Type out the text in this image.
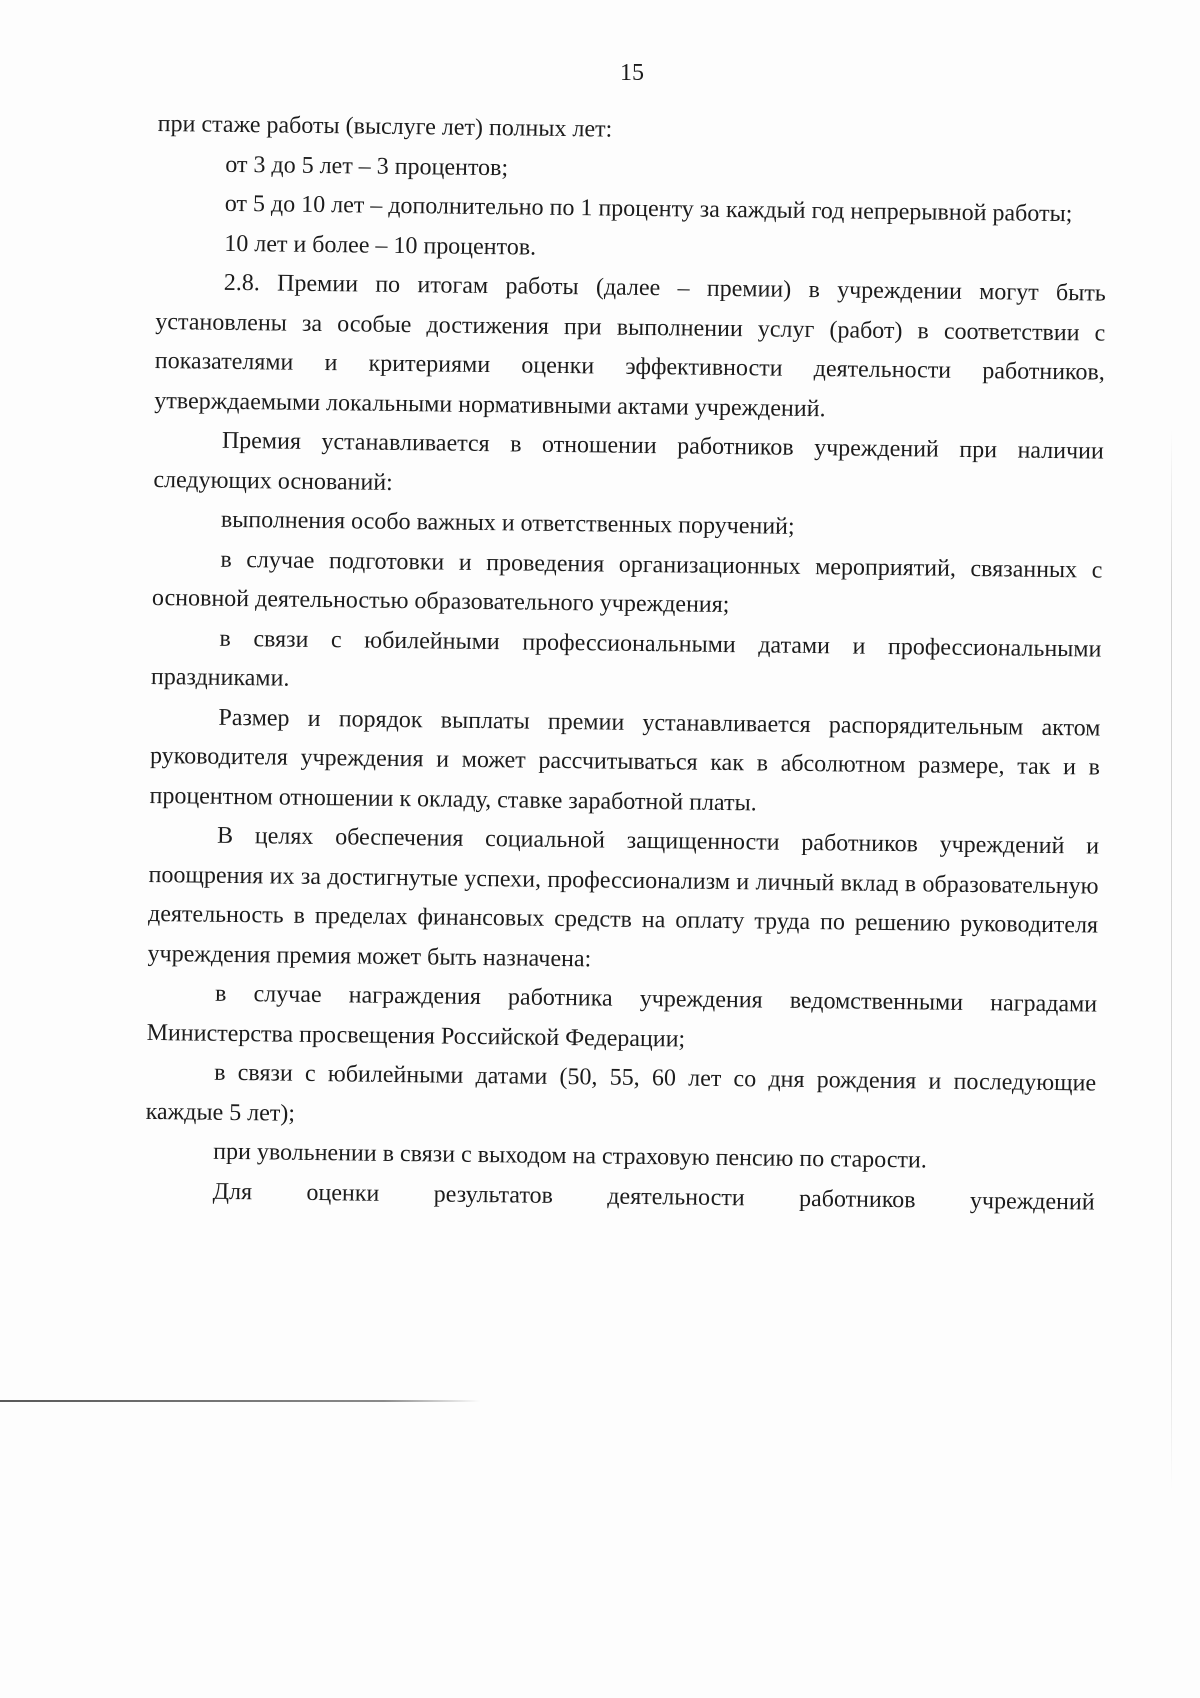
15

при стаже работы (выслуге лет) полных лет:

от 3 до 5 лет – 3 процентов;

от 5 до 10 лет – дополнительно по 1 проценту за каждый год непрерывной работы;

10 лет и более – 10 процентов.

2.8. Премии по итогам работы (далее – премии) в учреждении могут быть установлены за особые достижения при выполнении услуг (работ) в соответствии с показателями и критериями оценки эффективности деятельности работников, утверждаемыми локальными нормативными актами учреждений.

Премия устанавливается в отношении работников учреждений при наличии следующих оснований:

выполнения особо важных и ответственных поручений;

в случае подготовки и проведения организационных мероприятий, связанных с основной деятельностью образовательного учреждения;

в связи с юбилейными профессиональными датами и профессиональными праздниками.

Размер и порядок выплаты премии устанавливается распорядительным актом руководителя учреждения и может рассчитываться как в абсолютном размере, так и в процентном отношении к окладу, ставке заработной платы.

В целях обеспечения социальной защищенности работников учреждений и поощрения их за достигнутые успехи, профессионализм и личный вклад в образовательную деятельность в пределах финансовых средств на оплату труда по решению руководителя учреждения премия может быть назначена:

в случае награждения работника учреждения ведомственными наградами Министерства просвещения Российской Федерации;

в связи с юбилейными датами (50, 55, 60 лет со дня рождения и последующие каждые 5 лет);

при увольнении в связи с выходом на страховую пенсию по старости.

Для оценки результатов деятельности работников учреждений
